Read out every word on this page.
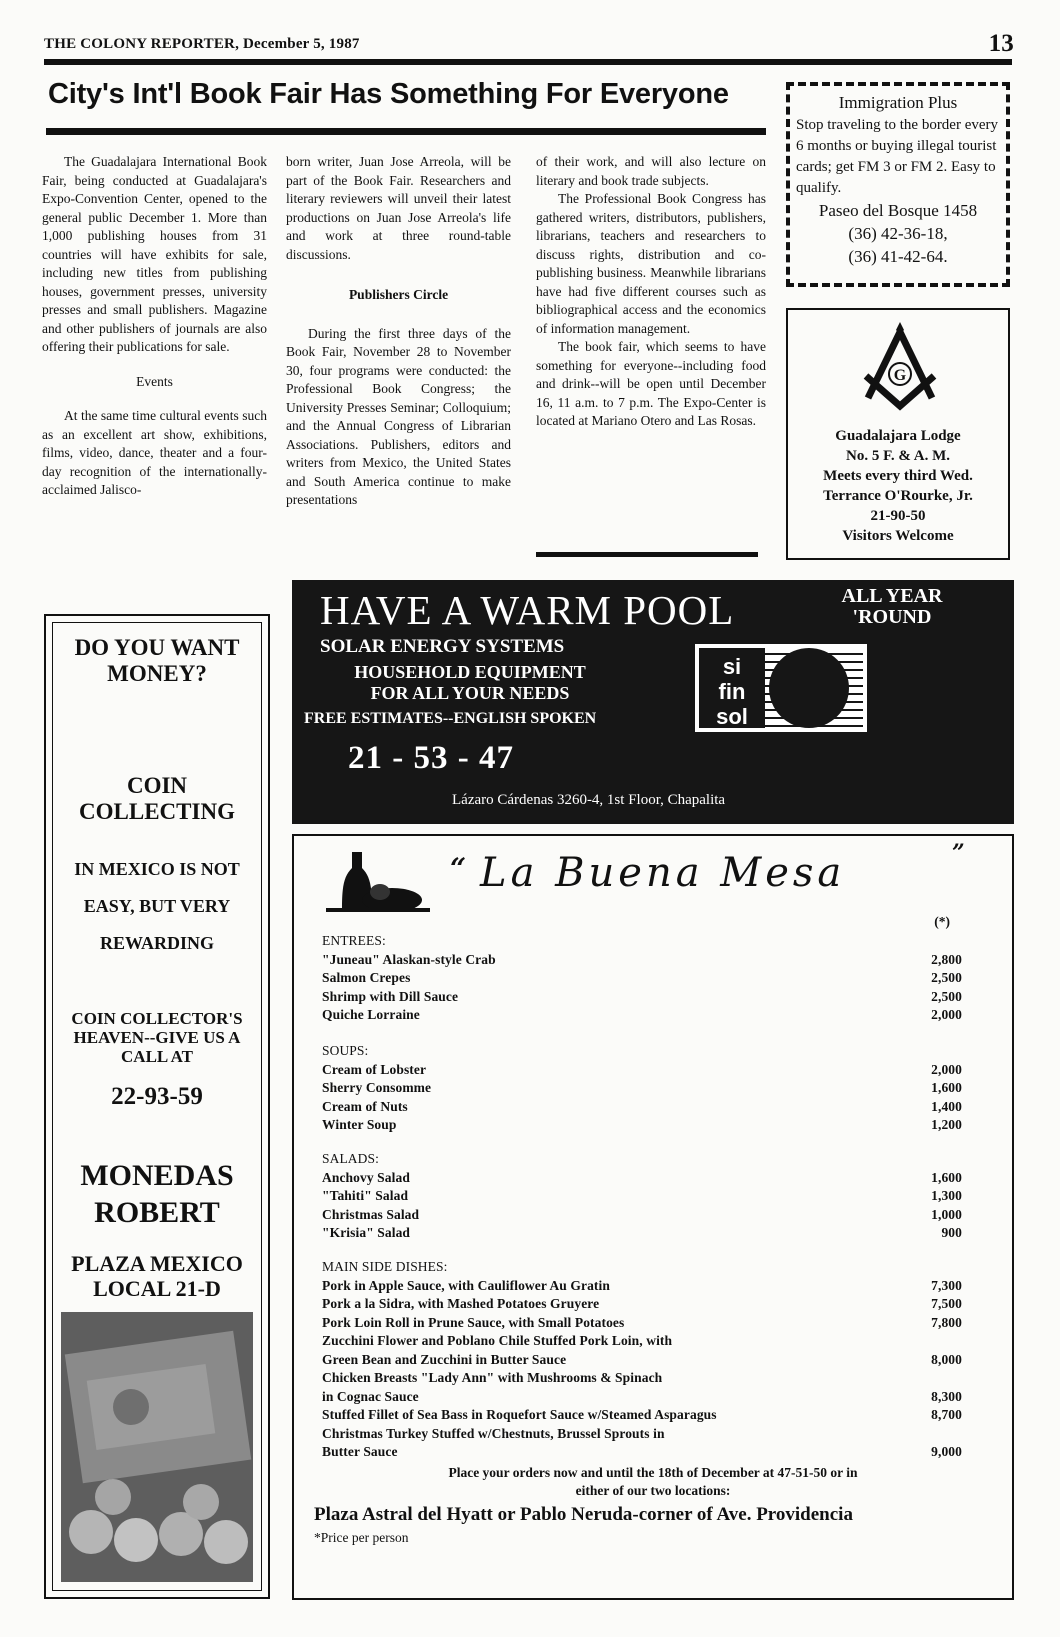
THE COLONY REPORTER, December 5, 1987	13
City's Int'l Book Fair Has Something For Everyone

The Guadalajara International Book Fair, being conducted at Guadalajara's Expo-Convention Center, opened to the general public December 1. More than 1,000 publishing houses from 31 countries will have exhibits for sale, including new titles from publishing houses, government presses, university presses and small publishers. Magazine and other publishers of journals are also offering their publications for sale.

Events

At the same time cultural events such as an excellent art show, exhibitions, films, video, dance, theater and a four-day recognition of the internationally-acclaimed Jalisco-

born writer, Juan Jose Arreola, will be part of the Book Fair. Researchers and literary reviewers will unveil their latest productions on Juan Jose Arreola's life and work at three round-table discussions.

Publishers Circle

During the first three days of the Book Fair, November 28 to November 30, four programs were conducted: the Professional Book Congress; the University Presses Seminar; Colloquium; and the Annual Congress of Librarian Associations. Publishers, editors and writers from Mexico, the United States and South America continue to make presentations

of their work, and will also lecture on literary and book trade subjects.

The Professional Book Congress has gathered writers, distributors, publishers, librarians, teachers and researchers to discuss rights, distribution and co-publishing business. Meanwhile librarians have had five different courses such as bibliographical access and the economics of information management.

The book fair, which seems to have something for everyone--including food and drink--will be open until December 16, 11 a.m. to 7 p.m. The Expo-Center is located at Mariano Otero and Las Rosas.

Immigration Plus
Stop traveling to the border every 6 months or buying illegal tourist cards; get FM 3 or FM 2. Easy to qualify.
Paseo del Bosque 1458
(36) 42-36-18,
(36) 41-42-64.
G
Guadalajara Lodge
No. 5 F. & A. M.
Meets every third Wed.
Terrance O'Rourke, Jr.
21-90-50
Visitors Welcome
DO YOU WANT
MONEY?
COIN
COLLECTING
IN MEXICO IS NOT
EASY, BUT VERY
REWARDING
COIN COLLECTOR'S
HEAVEN--GIVE US A
CALL AT
22-93-59
MONEDAS
ROBERT
PLAZA MEXICO
LOCAL 21-D
HAVE A WARM POOL	ALL YEAR
'ROUND
SOLAR ENERGY SYSTEMS
HOUSEHOLD EQUIPMENT
FOR ALL YOUR NEEDS
FREE ESTIMATES--ENGLISH SPOKEN
21 - 53 - 47
Lázaro Cárdenas 3260-4, 1st Floor, Chapalita
si
fin
sol
“ La Buena Mesa	”
(*)
ENTREES:
"Juneau" Alaskan-style Crab	2,800
Salmon Crepes	2,500
Shrimp with Dill Sauce	2,500
Quiche Lorraine	2,000
SOUPS:
Cream of Lobster	2,000
Sherry Consomme	1,600
Cream of Nuts	1,400
Winter Soup	1,200
SALADS:
Anchovy Salad	1,600
"Tahiti" Salad	1,300
Christmas Salad	1,000
"Krisia" Salad	900
MAIN SIDE DISHES:
Pork in Apple Sauce, with Cauliflower Au Gratin	7,300
Pork a la Sidra, with Mashed Potatoes Gruyere	7,500
Pork Loin Roll in Prune Sauce, with Small Potatoes	7,800
Zucchini Flower and Poblano Chile Stuffed Pork Loin, with
Green Bean and Zucchini in Butter Sauce	8,000
Chicken Breasts "Lady Ann" with Mushrooms & Spinach
in Cognac Sauce	8,300
Stuffed Fillet of Sea Bass in Roquefort Sauce w/Steamed Asparagus	8,700
Christmas Turkey Stuffed w/Chestnuts, Brussel Sprouts in
Butter Sauce	9,000
Place your orders now and until the 18th of December at 47-51-50 or in
either of our two locations:
Plaza Astral del Hyatt or Pablo Neruda-corner of Ave. Providencia
*Price per person
